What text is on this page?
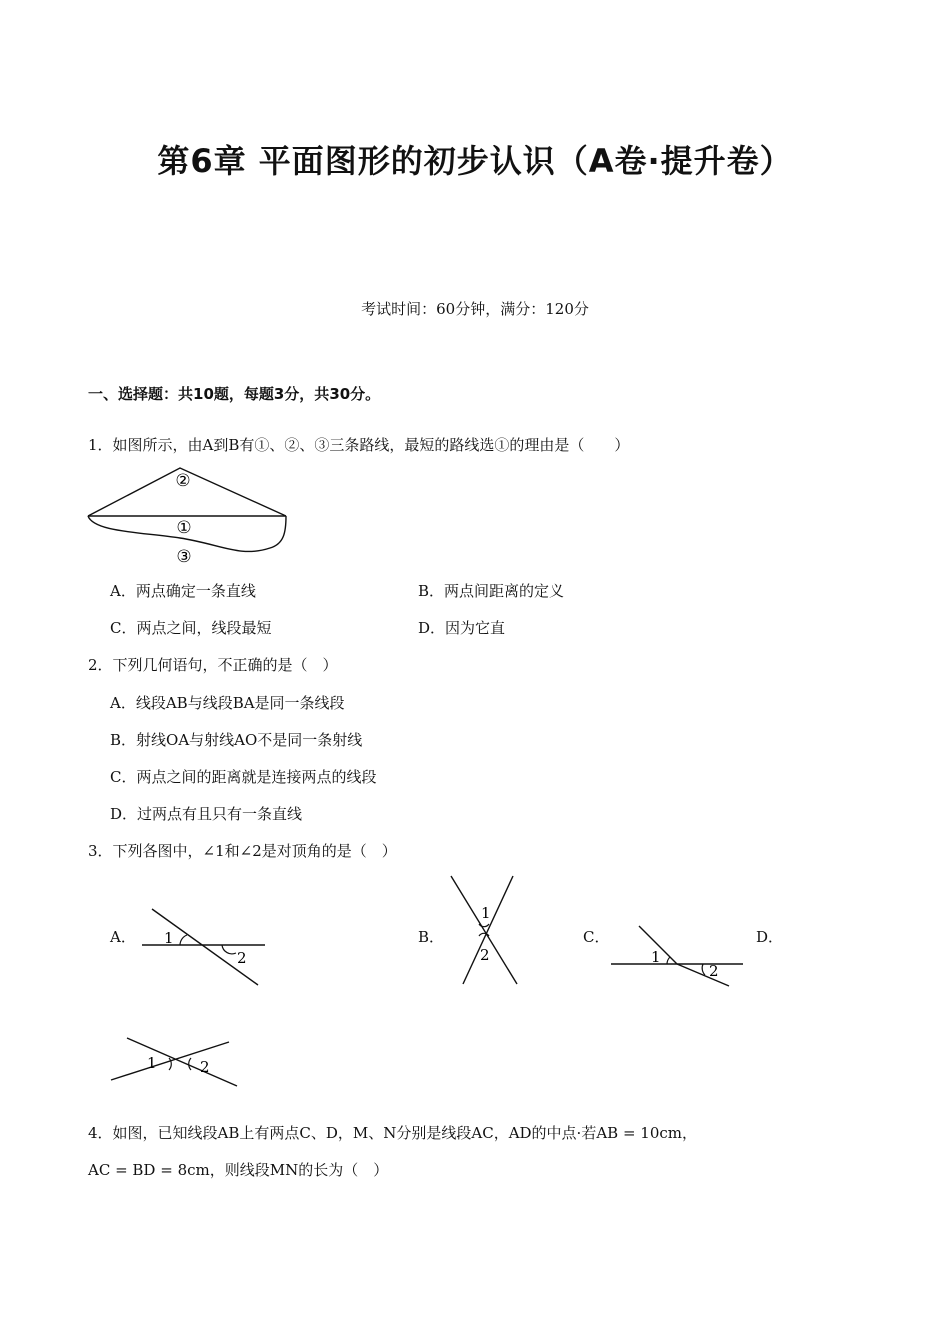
第6章 平面图形的初步认识（A卷·提升卷）
考试时间：60分钟，满分：120分
一、选择题：共10题，每题3分，共30分。
1．如图所示，由A到B有①、②、③三条路线，最短的路线选①的理由是（　　）
②
①
③
A．两点确定一条直线	B．两点间距离的定义
C．两点之间，线段最短	D．因为它直
2．下列几何语句，不正确的是（　）
A．线段AB与线段BA是同一条线段
B．射线OA与射线AO不是同一条射线
C．两点之间的距离就是连接两点的线段
D．过两点有且只有一条直线
3．下列各图中，∠1和∠2是对顶角的是（　）
A． 1
2
B．
1
2
C．
1
2
D．
1	2
4．如图，已知线段AB上有两点C、D，M、N分别是线段AC，AD的中点·若AB = 10cm，
AC = BD = 8cm，则线段MN的长为（　）
